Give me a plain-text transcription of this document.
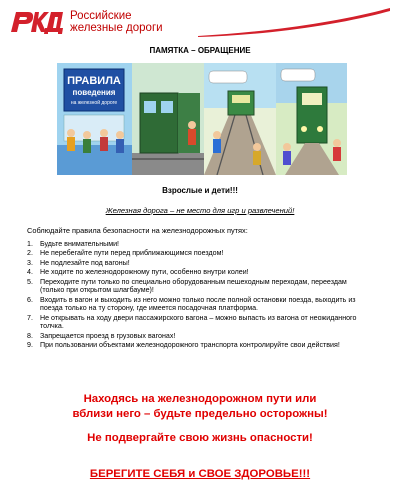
Российские
железные дороги
ПАМЯТКА – ОБРАЩЕНИЕ
ПРАВИЛА
поведения
на железной дороге
Взрослые и дети!!!
Железная дорога – не место для игр и развлечений!
Соблюдайте правила безопасности на железнодорожных путях:
1. Будьте внимательными!
2. Не перебегайте пути перед приближающимся поездом!
3. Не подлезайте под вагоны!
4. Не ходите по железнодорожному пути, особенно внутри колеи!
5. Переходите пути только по специально оборудованным пешеходным переходам, переездам (только при открытом шлагбауме)!
6. Входить в вагон и выходить из него можно только после полной остановки поезда, выходить из поезда только на ту сторону, где имеется посадочная платформа.
7. Не открывать на ходу двери пассажирского вагона – можно выпасть из вагона от неожиданного толчка.
8. Запрещается проезд в грузовых вагонах!
9. При пользовании объектами железнодорожного транспорта контролируйте свои действия!
Находясь на железнодорожном пути или
вблизи него – будьте предельно осторожны!
Не подвергайте свою жизнь опасности!
БЕРЕГИТЕ СЕБЯ и СВОЕ ЗДОРОВЬЕ!!!
